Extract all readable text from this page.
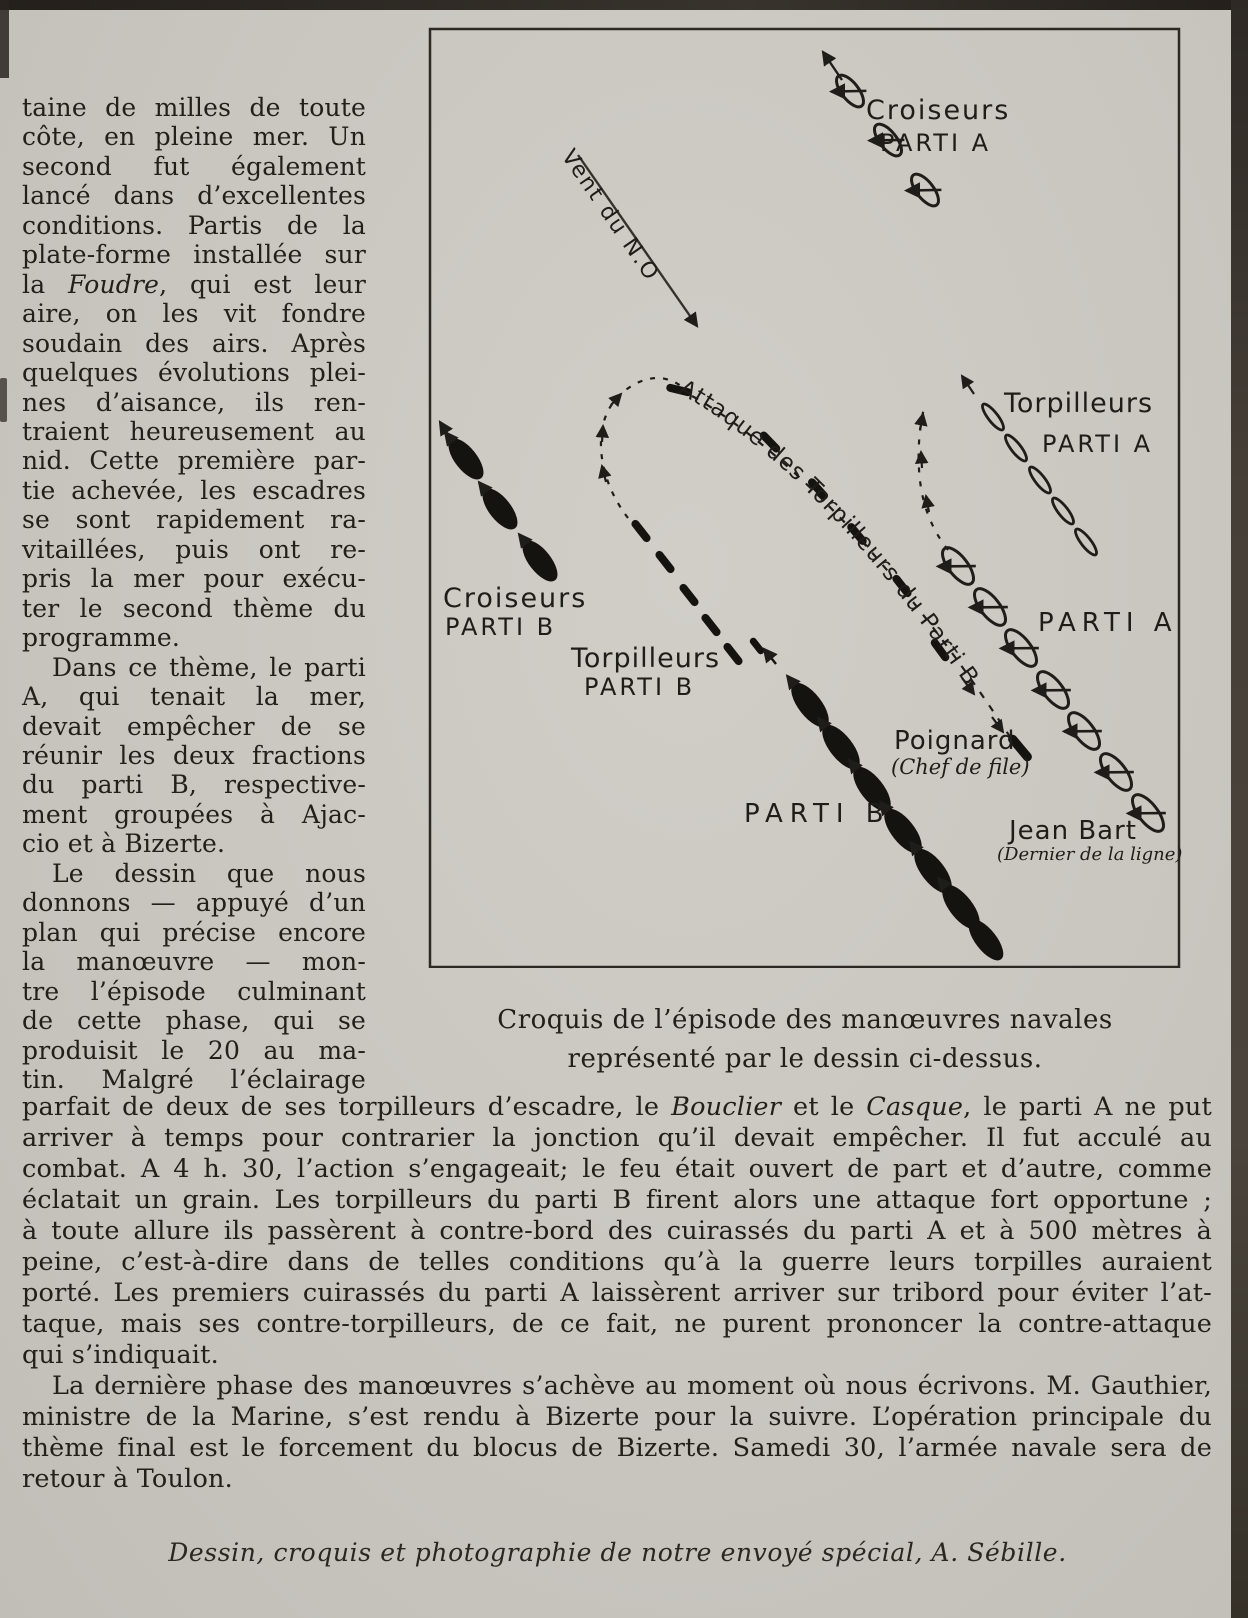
taine de milles de toute
côte, en pleine mer. Un
second fut également
lancé dans d’excellentes
conditions. Partis de la
plate-forme installée sur
la Foudre, qui est leur
aire, on les vit fondre
soudain des airs. Après
quelques évolutions plei-
nes d’aisance, ils ren-
traient heureusement au
nid. Cette première par-
tie achevée, les escadres
se sont rapidement ra-
vitaillées, puis ont re-
pris la mer pour exécu-
ter le second thème du
programme.
Dans ce thème, le parti
A, qui tenait la mer,
devait empêcher de se
réunir les deux fractions
du parti B, respective-
ment groupées à Ajac-
cio et à Bizerte.
Le dessin que nous
donnons — appuyé d’un
plan qui précise encore
la manœuvre — mon-
tre l’épisode culminant
de cette phase, qui se
produisit le 20 au ma-
tin. Malgré l’éclairage
parfait de deux de ses torpilleurs d’escadre, le Bouclier et le Casque, le parti A ne put
arriver à temps pour contrarier la jonction qu’il devait empêcher. Il fut acculé au
combat. A 4 h. 30, l’action s’engageait; le feu était ouvert de part et d’autre, comme
éclatait un grain. Les torpilleurs du parti B firent alors une attaque fort opportune ;
à toute allure ils passèrent à contre-bord des cuirassés du parti A et à 500 mètres à
peine, c’est-à-dire dans de telles conditions qu’à la guerre leurs torpilles auraient
porté. Les premiers cuirassés du parti A laissèrent arriver sur tribord pour éviter l’at-
taque, mais ses contre-torpilleurs, de ce fait, ne purent prononcer la contre-attaque
qui s’indiquait.
La dernière phase des manœuvres s’achève au moment où nous écrivons. M. Gauthier,
ministre de la Marine, s’est rendu à Bizerte pour la suivre. L’opération principale du
thème final est le forcement du blocus de Bizerte. Samedi 30, l’armée navale sera de
retour à Toulon.
Croquis de l’épisode des manœuvres navales
représenté par le dessin ci-dessus.
Dessin, croquis et photographie de notre envoyé spécial, A. Sébille.
Vent du N.O
Croiseurs
PARTI A
Torpilleurs
PARTI A
PARTI A
Croiseurs
PARTI B
Torpilleurs
PARTI B
Attaque des Torpilleurs du Parti B
PARTI B
Poignard
(Chef de file)
Jean Bart
(Dernier de la ligne)
